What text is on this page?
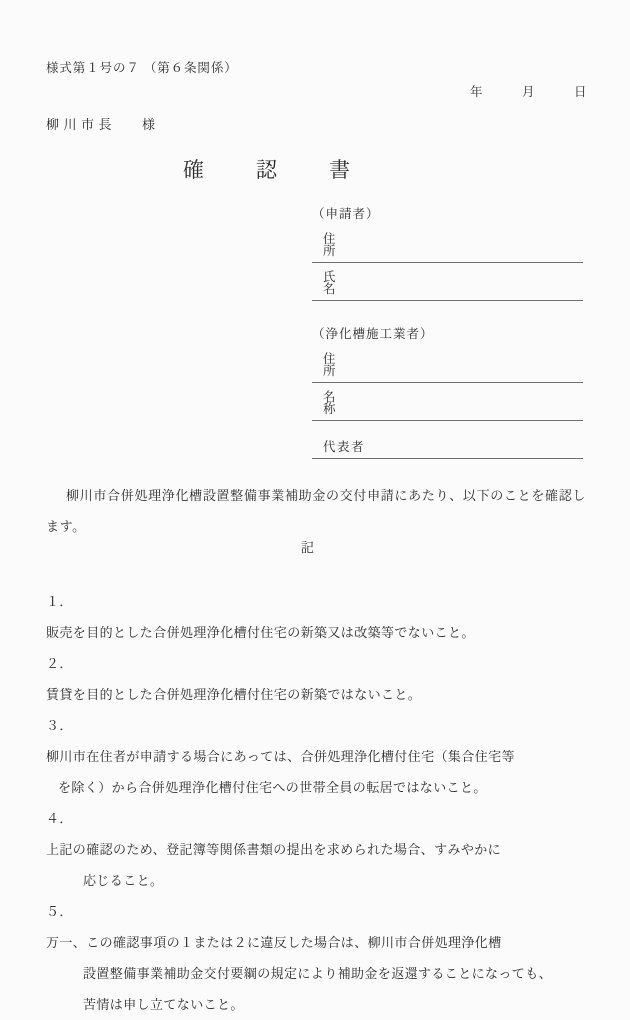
様式第１号の７ （第６条関係）
年	月	日
柳川市長 様
確認書
（申請者）
住　所
氏　名
（浄化槽施工業者）
住　所
名　称
代表者
柳川市合併処理浄化槽設置整備事業補助金の交付申請にあたり、以下のことを確認します。
記
１．
販売を目的とした合併処理浄化槽付住宅の新築又は改築等でないこと。
２．
賃貸を目的とした合併処理浄化槽付住宅の新築ではないこと。
３．
柳川市在住者が申請する場合にあっては、合併処理浄化槽付住宅（集合住宅等
を除く）から合併処理浄化槽付住宅への世帯全員の転居ではないこと。
４．
上記の確認のため、登記簿等関係書類の提出を求められた場合、すみやかに
応じること。
５．
万一、この確認事項の１または２に違反した場合は、柳川市合併処理浄化槽
設置整備事業補助金交付要綱の規定により補助金を返還することになっても、
苦情は申し立てないこと。
